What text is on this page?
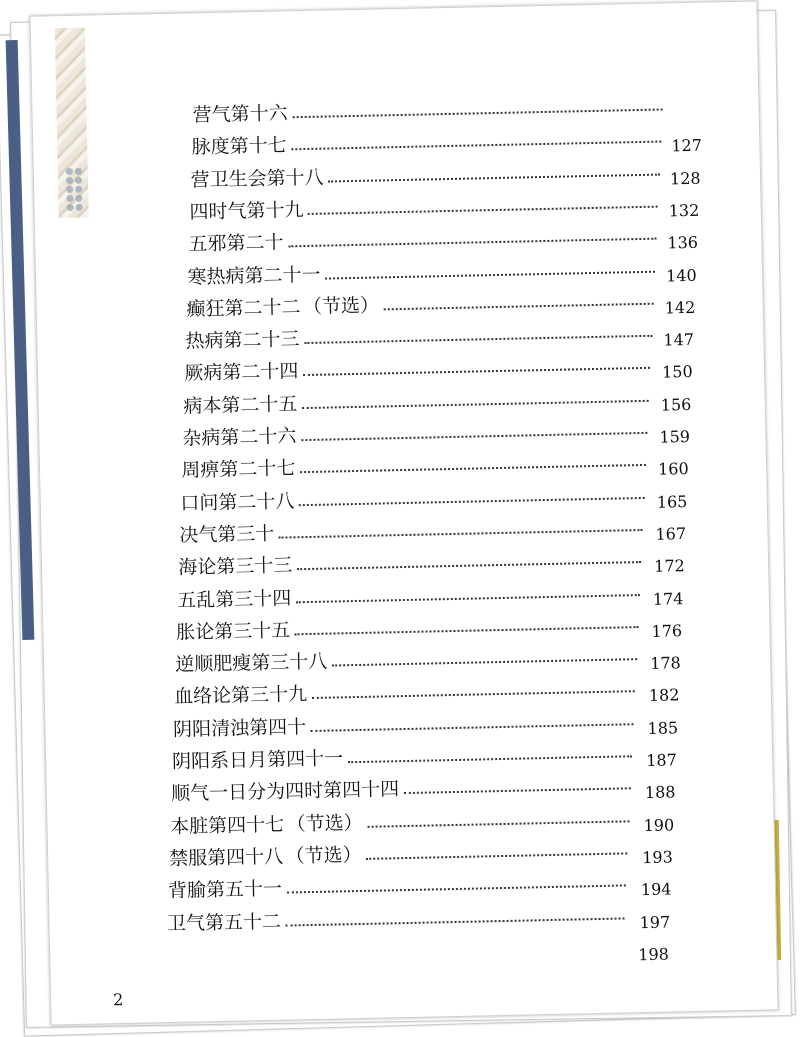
营气第十六
脉度第十七	127
营卫生会第十八	128
四时气第十九	132
五邪第二十	136
寒热病第二十一	140
癫狂第二十二 （节选）	142
热病第二十三	147
厥病第二十四	150
病本第二十五	156
杂病第二十六	159
周痹第二十七	160
口问第二十八	165
决气第三十	167
海论第三十三	172
五乱第三十四	174
胀论第三十五	176
逆顺肥瘦第三十八	178
血络论第三十九	182
阴阳清浊第四十	185
阴阳系日月第四十一	187
顺气一日分为四时第四十四	188
本脏第四十七 （节选）	190
禁服第四十八 （节选）	193
背腧第五十一	194
卫气第五十二	197
198
2
